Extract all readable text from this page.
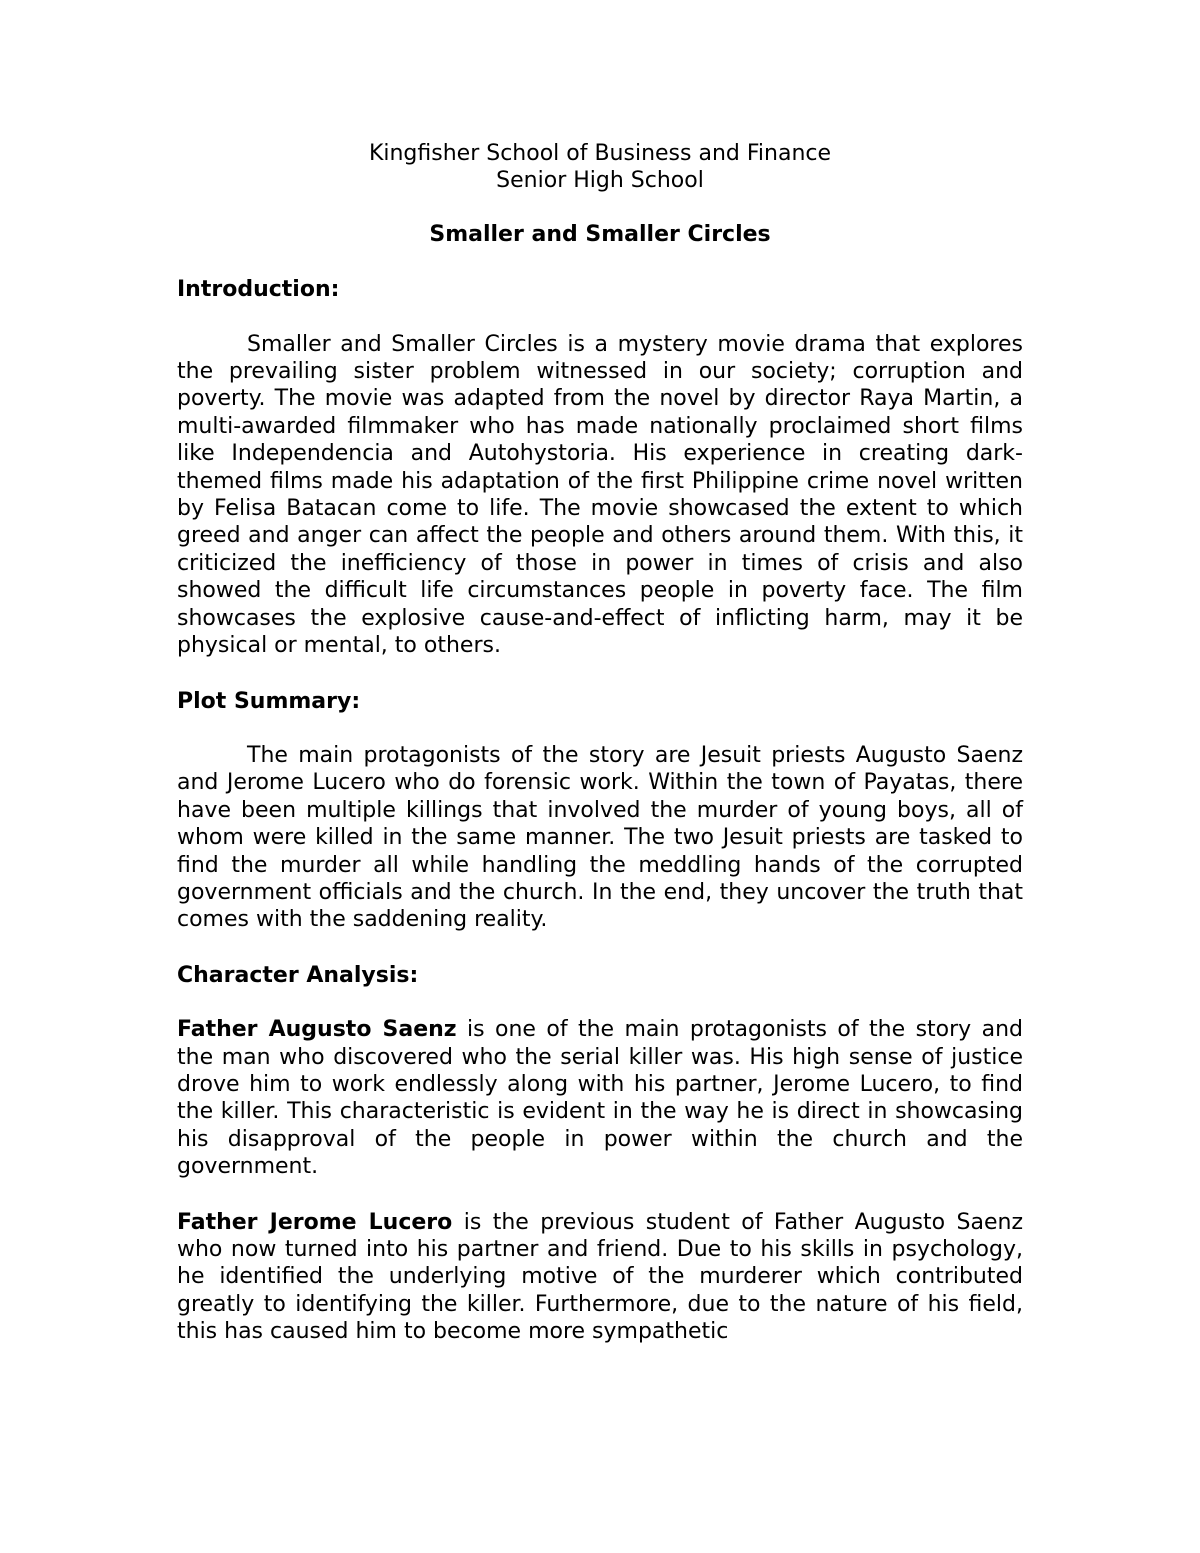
Kingfisher School of Business and Finance
Senior High School
Smaller and Smaller Circles
Introduction:
Smaller and Smaller Circles is a mystery movie drama that explores the prevailing sister problem witnessed in our society; corruption and poverty. The movie was adapted from the novel by director Raya Martin, a multi-awarded filmmaker who has made nationally proclaimed short films like Independencia and Autohystoria. His experience in creating dark-themed films made his adaptation of the first Philippine crime novel written by Felisa Batacan come to life. The movie showcased the extent to which greed and anger can affect the people and others around them. With this, it criticized the inefficiency of those in power in times of crisis and also showed the difficult life circumstances people in poverty face. The film showcases the explosive cause-and-effect of inflicting harm, may it be physical or mental, to others.
Plot Summary:
The main protagonists of the story are Jesuit priests Augusto Saenz and Jerome Lucero who do forensic work. Within the town of Payatas, there have been multiple killings that involved the murder of young boys, all of whom were killed in the same manner. The two Jesuit priests are tasked to find the murder all while handling the meddling hands of the corrupted government officials and the church. In the end, they uncover the truth that comes with the saddening reality.
Character Analysis:
Father Augusto Saenz is one of the main protagonists of the story and the man who discovered who the serial killer was. His high sense of justice drove him to work endlessly along with his partner, Jerome Lucero, to find the killer. This characteristic is evident in the way he is direct in showcasing his disapproval of the people in power within the church and the government.
Father Jerome Lucero is the previous student of Father Augusto Saenz who now turned into his partner and friend. Due to his skills in psychology, he identified the underlying motive of the murderer which contributed greatly to identifying the killer. Furthermore, due to the nature of his field, this has caused him to become more sympathetic
